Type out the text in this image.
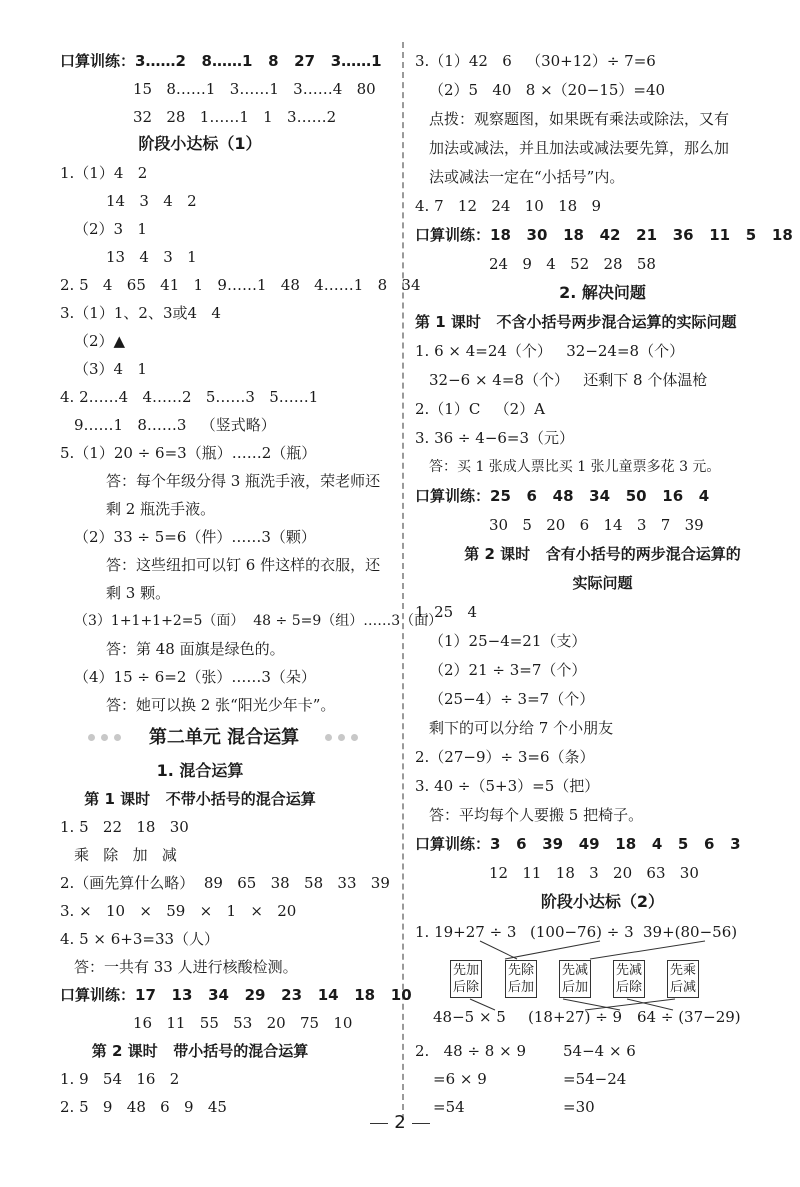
口算训练：3……2   8……1   8   27   3……1
15   8……1   3……1   3……4   80
32   28   1……1   1   3……2
阶段小达标（1）
1.（1）4   2
14   3   4   2
（2）3   1
13   4   3   1
2. 5   4   65   41   1   9……1   48   4……1   8   34
3.（1）1、2、3或4   4
（2）▲
（3）4   1
4. 2……4   4……2   5……3   5……1
9……1   8……3   （竖式略）
5.（1）20 ÷ 6=3（瓶）……2（瓶）
答：每个年级分得 3 瓶洗手液，荣老师还
剩 2 瓶洗手液。
（2）33 ÷ 5=6（件）……3（颗）
答：这些纽扣可以钉 6 件这样的衣服，还
剩 3 颗。
（3）1+1+1+2=5（面）  48 ÷ 5=9（组）……3（面）
答：第 48 面旗是绿色的。
（4）15 ÷ 6=2（张）……3（朵）
答：她可以换 2 张“阳光少年卡”。
第二单元 混合运算
1. 混合运算
第 1 课时   不带小括号的混合运算
1. 5   22   18   30
乘   除   加   减
2.（画先算什么略）  89   65   38   58   33   39
3. ×   10   ×   59   ×   1   ×   20
4. 5 × 6+3=33（人）
答：一共有 33 人进行核酸检测。
口算训练：17   13   34   29   23   14   18   10
16   11   55   53   20   75   10
第 2 课时   带小括号的混合运算
1. 9   54   16   2
2. 5   9   48   6   9   45
3.（1）42   6   （30+12）÷ 7=6
（2）5   40   8 ×（20−15）=40
点拨：观察题图，如果既有乘法或除法，又有
加法或减法，并且加法或减法要先算，那么加
法或减法一定在“小括号”内。
4. 7   12   24   10   18   9
口算训练：18   30   18   42   21   36   11   5   18
24   9   4   52   28   58
2. 解决问题
第 1 课时   不含小括号两步混合运算的实际问题
1. 6 × 4=24（个）   32−24=8（个）
32−6 × 4=8（个）   还剩下 8 个体温枪
2.（1）C   （2）A
3. 36 ÷ 4−6=3（元）
答：买 1 张成人票比买 1 张儿童票多花 3 元。
口算训练：25   6   48   34   50   16   4
30   5   20   6   14   3   7   39
第 2 课时   含有小括号的两步混合运算的
实际问题
1. 25   4
（1）25−4=21（支）
（2）21 ÷ 3=7（个）
（25−4）÷ 3=7（个）
剩下的可以分给 7 个小朋友
2.（27−9）÷ 3=6（条）
3. 40 ÷（5+3）=5（把）
答：平均每个人要搬 5 把椅子。
口算训练：3   6   39   49   18   4   5   6   3
12   11   18   3   20   63   30
阶段小达标（2）
1. 19+27 ÷ 3 (100−76) ÷ 3 39+(80−56)
先加
后除
先除
后加
先减
后加
先减
后除
先乘
后减
48−5 × 5 (18+27) ÷ 9 64 ÷ (37−29)
2.   48 ÷ 8 × 9
=6 × 9
=54
54−4 × 6
=54−24
=30
2
